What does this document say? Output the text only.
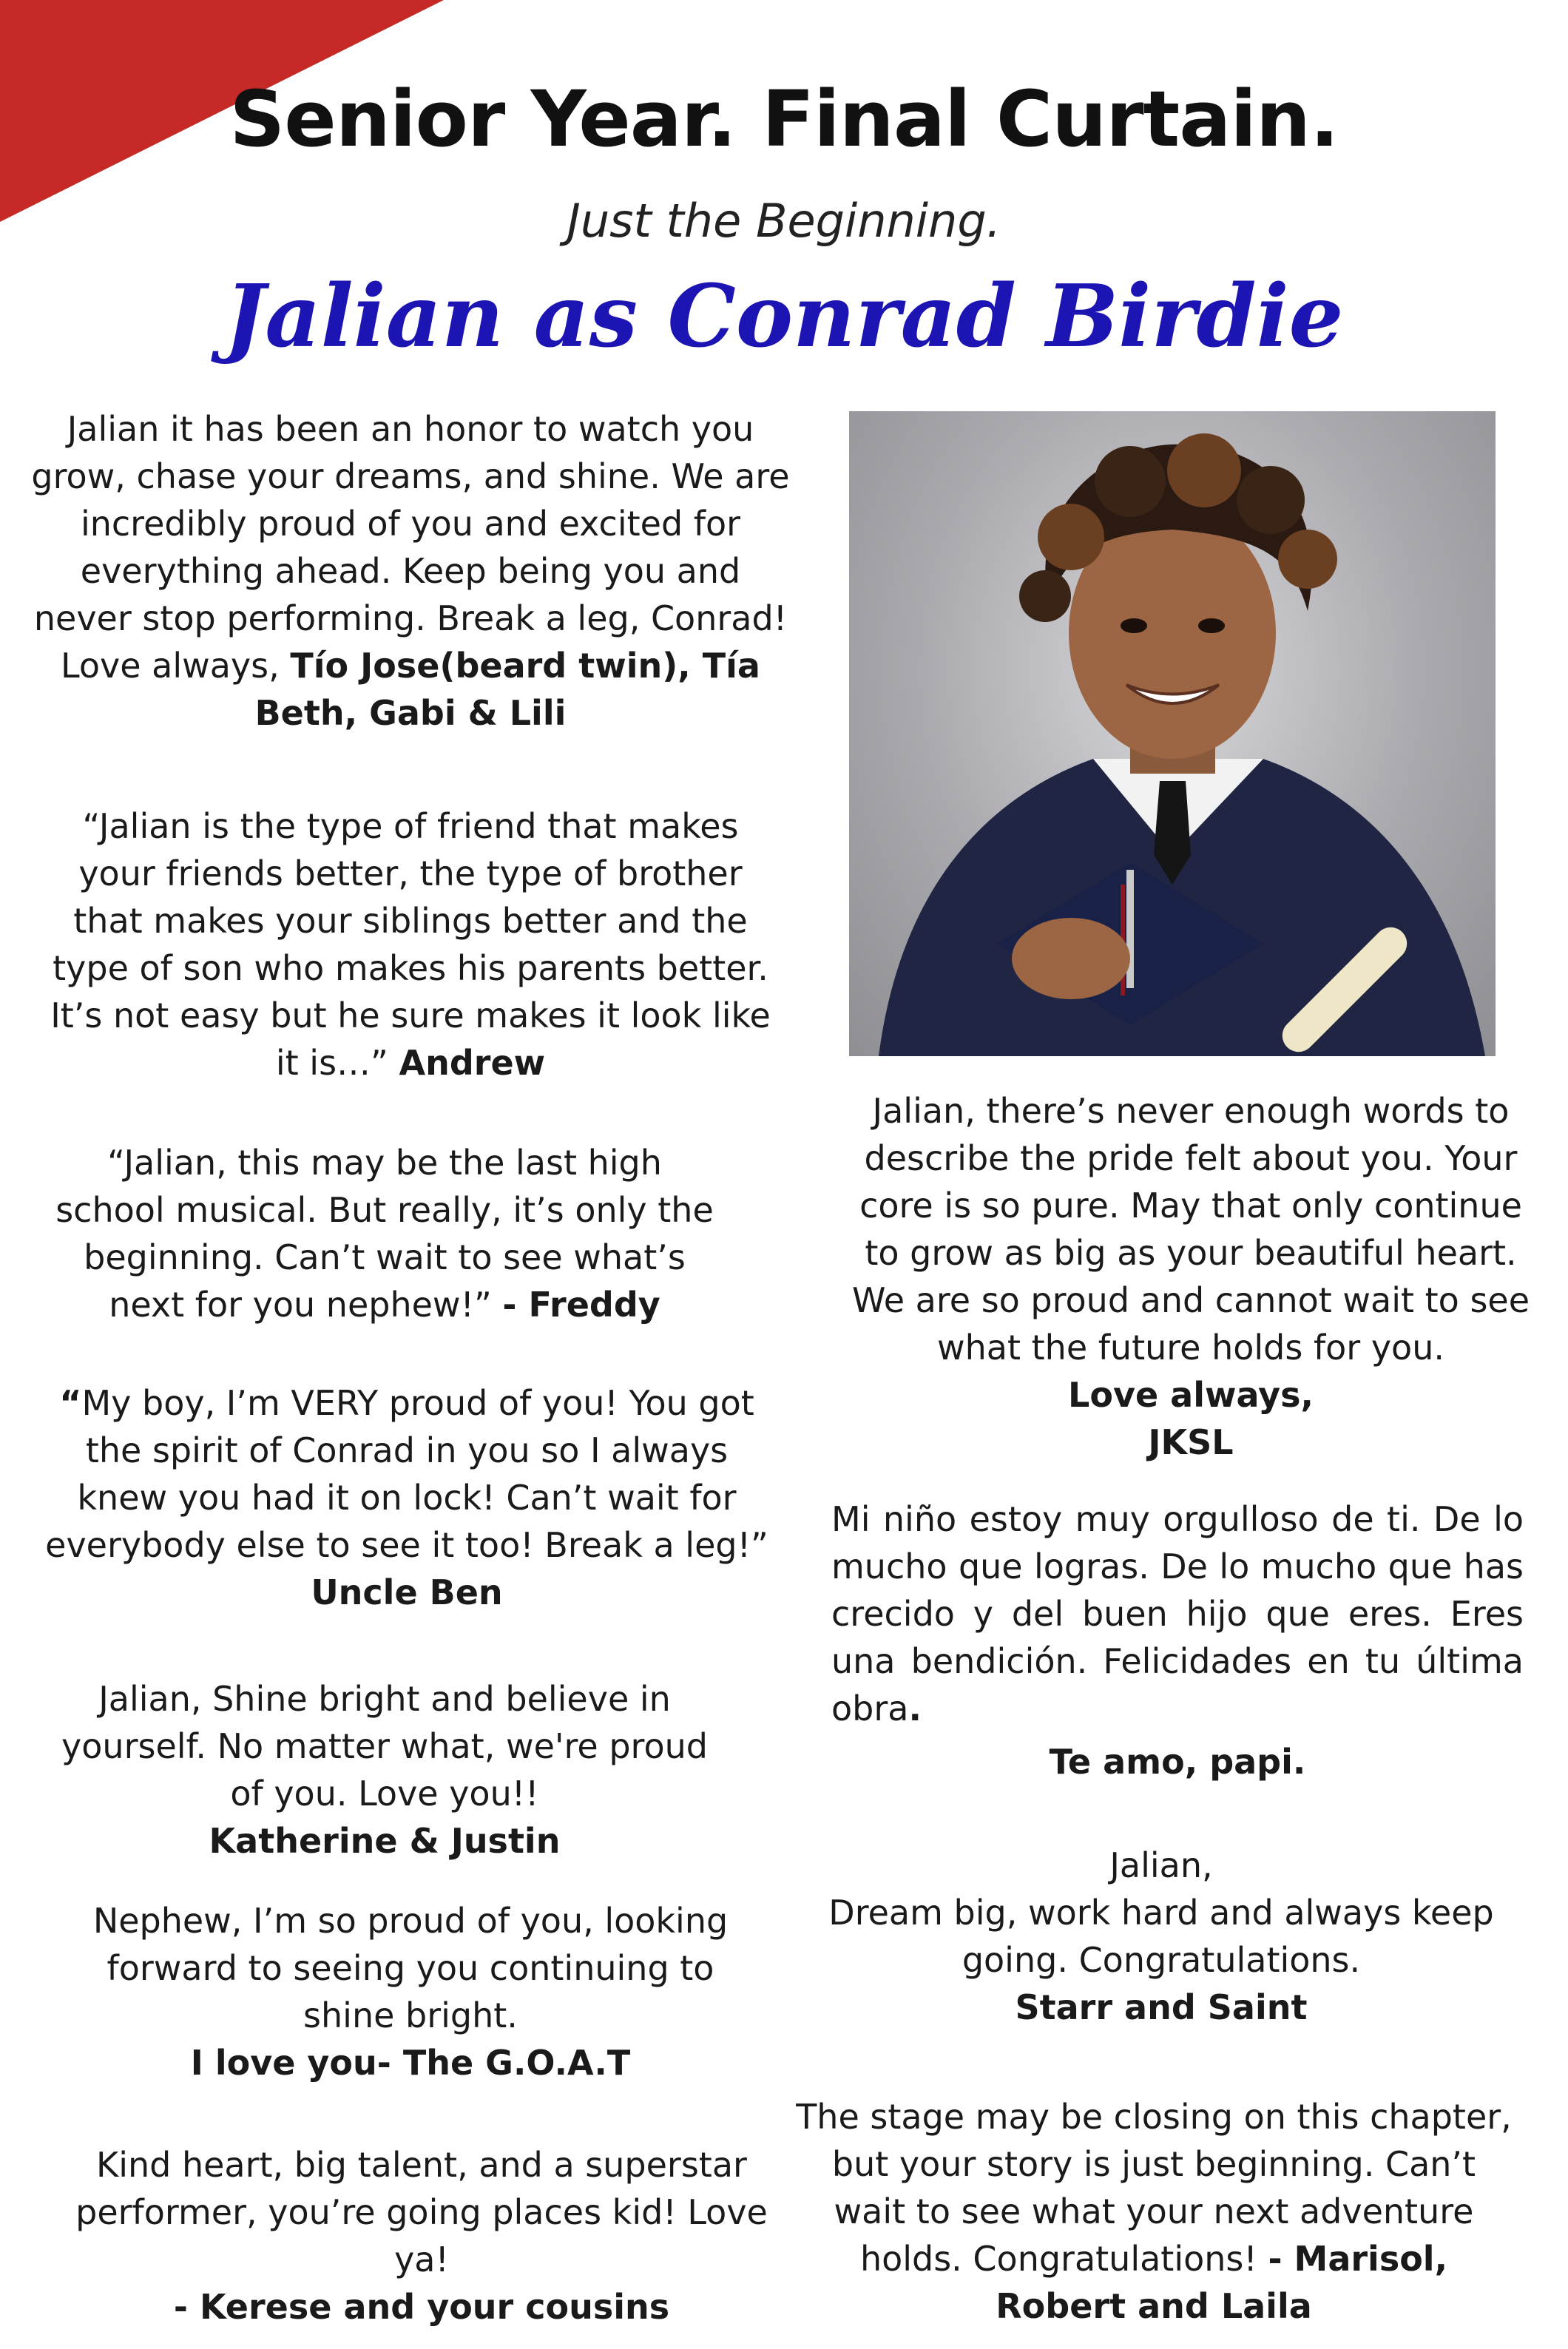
Senior Year. Final Curtain.
Just the Beginning.
Jalian as Conrad Birdie
Jalian it has been an honor to watch you grow, chase your dreams, and shine. We are incredibly proud of you and excited for everything ahead. Keep being you and never stop performing. Break a leg, Conrad! Love always, Tío Jose(beard twin), Tía Beth, Gabi & Lili
“Jalian is the type of friend that makes your friends better, the type of brother that makes your siblings better and the type of son who makes his parents better. It’s not easy but he sure makes it look like it is…” Andrew
“Jalian, this may be the last high school musical. But really, it’s only the beginning. Can’t wait to see what’s next for you nephew!” - Freddy
“My boy, I’m VERY proud of you! You got the spirit of Conrad in you so I always knew you had it on lock! Can’t wait for everybody else to see it too! Break a leg!” Uncle Ben
Jalian, Shine bright and believe in yourself. No matter what, we're proud of you. Love you!!
Katherine & Justin
Nephew, I’m so proud of you, looking forward to seeing you continuing to shine bright.
I love you- The G.O.A.T
Kind heart, big talent, and a superstar performer, you’re going places kid! Love ya!
- Kerese and your cousins
Jalian, there’s never enough words to describe the pride felt about you. Your core is so pure. May that only continue to grow as big as your beautiful heart. We are so proud and cannot wait to see what the future holds for you.
Love always,
JKSL
Mi niño estoy muy orgulloso de ti. De lo mucho que logras. De lo mucho que has crecido y del buen hijo que eres. Eres una bendición. Felicidades en tu última obra.
Te amo, papi.
Jalian,
Dream big, work hard and always keep going. Congratulations.
Starr and Saint
The stage may be closing on this chapter, but your story is just beginning. Can’t wait to see what your next adventure holds. Congratulations! - Marisol, Robert and Laila
